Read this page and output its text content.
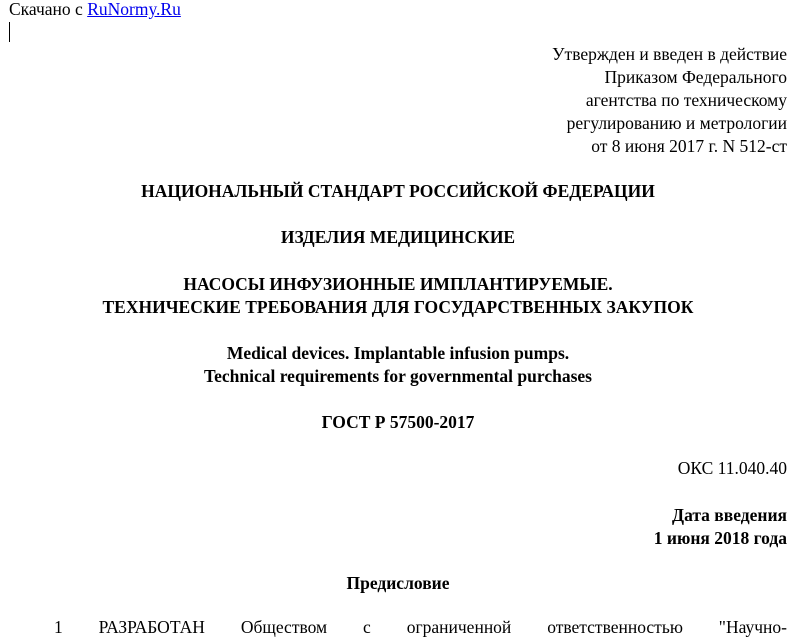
Скачано с RuNormy.Ru
Утвержден и введен в действие
Приказом Федерального
агентства по техническому
регулированию и метрологии
от 8 июня 2017 г. N 512-ст
НАЦИОНАЛЬНЫЙ СТАНДАРТ РОССИЙСКОЙ ФЕДЕРАЦИИ
ИЗДЕЛИЯ МЕДИЦИНСКИЕ
НАСОСЫ ИНФУЗИОННЫЕ ИМПЛАНТИРУЕМЫЕ.
ТЕХНИЧЕСКИЕ ТРЕБОВАНИЯ ДЛЯ ГОСУДАРСТВЕННЫХ ЗАКУПОК
Medical devices. Implantable infusion pumps.
Technical requirements for governmental purchases
ГОСТ Р 57500-2017
ОКС 11.040.40
Дата введения
1 июня 2018 года
Предисловие
1 РАЗРАБОТАН Обществом с ограниченной ответственностью "Научно-
